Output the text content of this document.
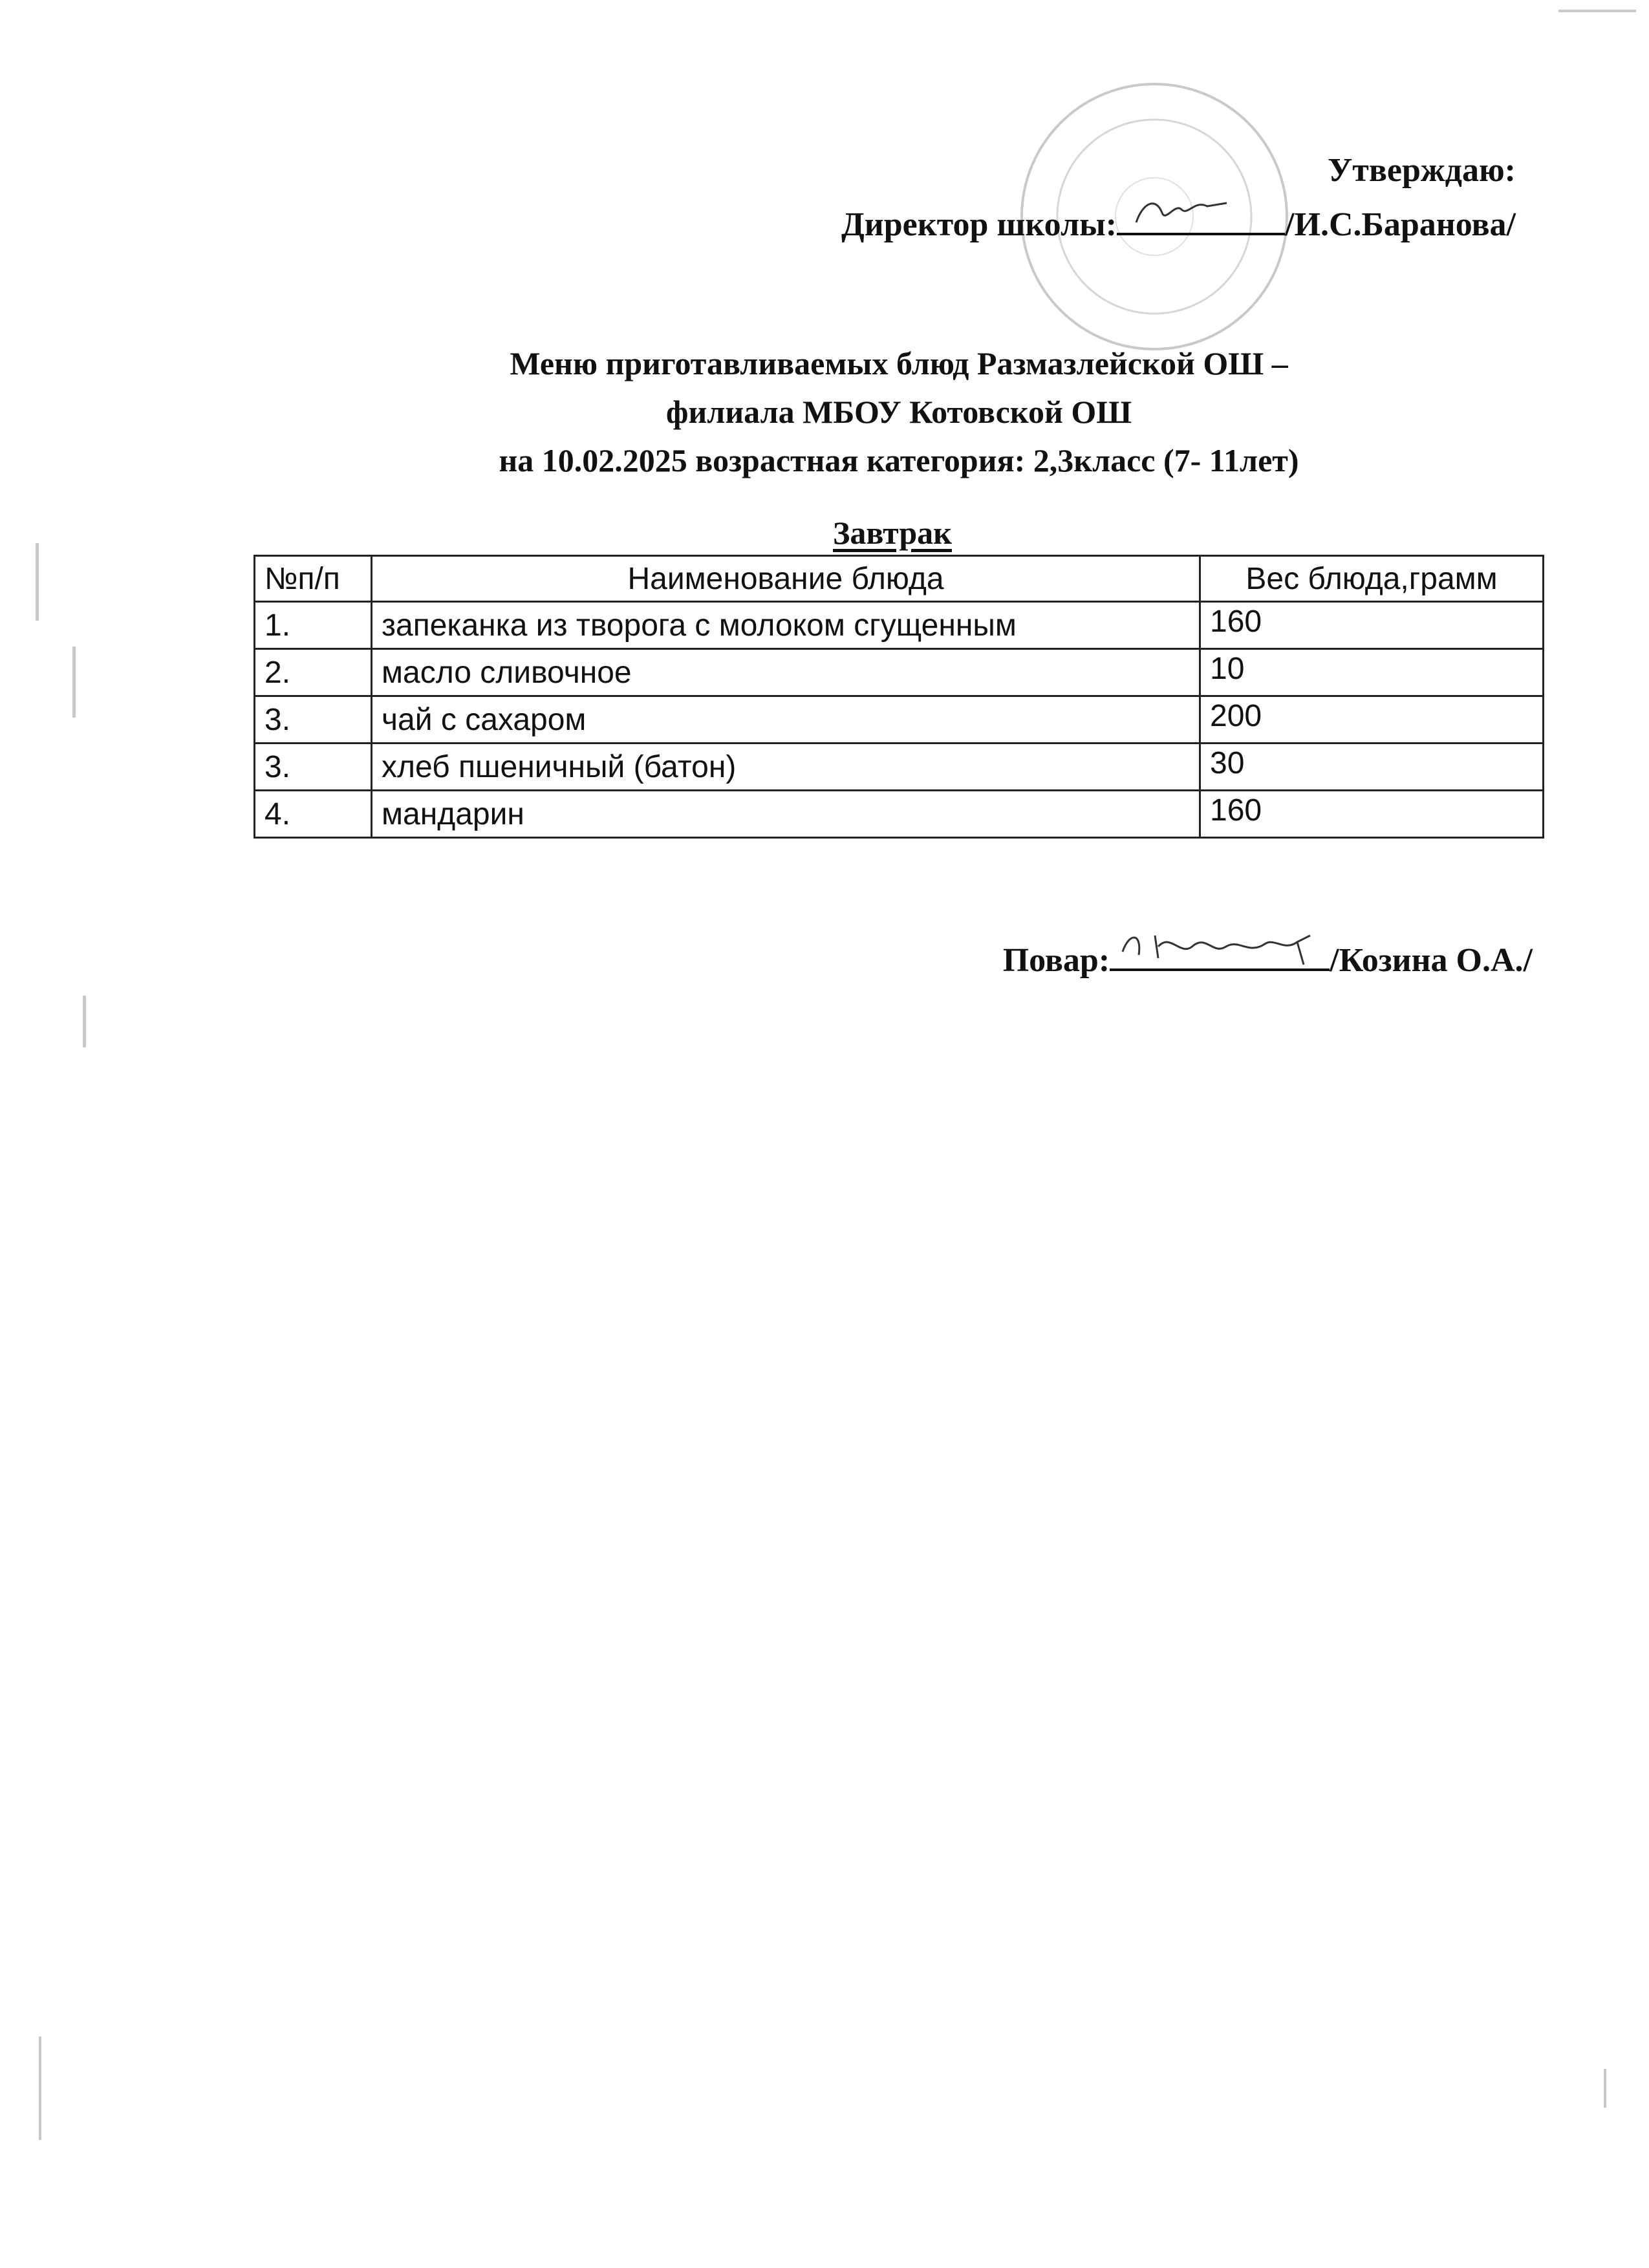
Утверждаю:
Директор школы:	/И.С.Баранова/
Меню приготавливаемых блюд Размазлейской ОШ –
филиала МБОУ Котовской ОШ
на 10.02.2025 возрастная категория: 2,3класс (7- 11лет)
Завтрак
№п/п	Наименование блюда	Вес блюда,грамм
1.	запеканка из творога с молоком сгущенным	160
2.	масло сливочное	10
3.	чай с сахаром	200
3.	хлеб пшеничный (батон)	30
4.	мандарин	160
Повар:	/Козина О.А./
